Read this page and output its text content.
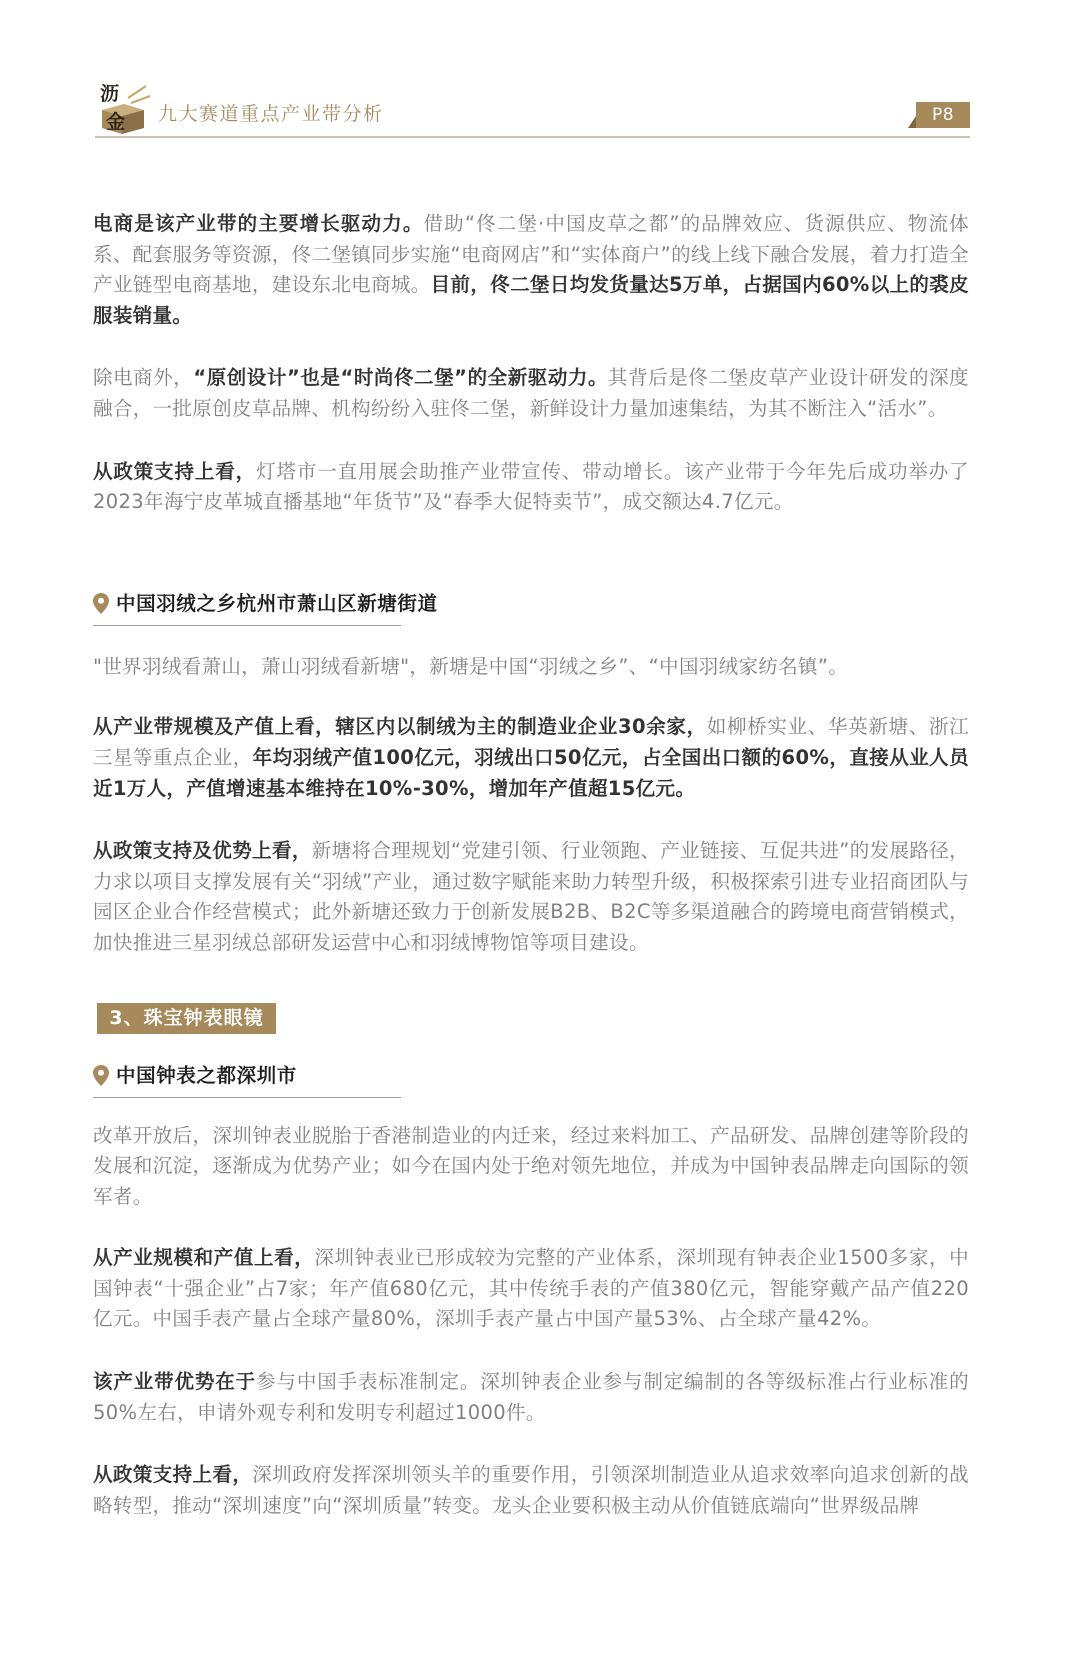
沥
金 九大赛道重点产业带分析	P8

电商是该产业带的主要增长驱动力。借助“佟二堡·中国皮草之都”的品牌效应、货源供应、物流体系、配套服务等资源，佟二堡镇同步实施“电商网店”和“实体商户”的线上线下融合发展，着力打造全产业链型电商基地，建设东北电商城。目前，佟二堡日均发货量达5万单，占据国内60%以上的裘皮服装销量。

除电商外，“原创设计”也是“时尚佟二堡”的全新驱动力。其背后是佟二堡皮草产业设计研发的深度融合，一批原创皮草品牌、机构纷纷入驻佟二堡，新鲜设计力量加速集结，为其不断注入“活水”。

从政策支持上看，灯塔市一直用展会助推产业带宣传、带动增长。该产业带于今年先后成功举办了2023年海宁皮革城直播基地“年货节”及“春季大促特卖节”，成交额达4.7亿元。

中国羽绒之乡杭州市萧山区新塘街道

"世界羽绒看萧山，萧山羽绒看新塘"，新塘是中国“羽绒之乡”、“中国羽绒家纺名镇”。

从产业带规模及产值上看，辖区内以制绒为主的制造业企业30余家，如柳桥实业、华英新塘、浙江三星等重点企业，年均羽绒产值100亿元，羽绒出口50亿元，占全国出口额的60%，直接从业人员近1万人，产值增速基本维持在10%-30%，增加年产值超15亿元。

从政策支持及优势上看，新塘将合理规划“党建引领、行业领跑、产业链接、互促共进”的发展路径，力求以项目支撑发展有关“羽绒”产业，通过数字赋能来助力转型升级，积极探索引进专业招商团队与园区企业合作经营模式；此外新塘还致力于创新发展B2B、B2C等多渠道融合的跨境电商营销模式，加快推进三星羽绒总部研发运营中心和羽绒博物馆等项目建设。

3、珠宝钟表眼镜
中国钟表之都深圳市

改革开放后，深圳钟表业脱胎于香港制造业的内迁来，经过来料加工、产品研发、品牌创建等阶段的发展和沉淀，逐渐成为优势产业；如今在国内处于绝对领先地位，并成为中国钟表品牌走向国际的领军者。

从产业规模和产值上看，深圳钟表业已形成较为完整的产业体系，深圳现有钟表企业1500多家，中国钟表“十强企业”占7家；年产值680亿元，其中传统手表的产值380亿元，智能穿戴产品产值220亿元。中国手表产量占全球产量80%，深圳手表产量占中国产量53%、占全球产量42%。

该产业带优势在于参与中国手表标准制定。深圳钟表企业参与制定编制的各等级标准占行业标准的50%左右，申请外观专利和发明专利超过1000件。

从政策支持上看，深圳政府发挥深圳领头羊的重要作用，引领深圳制造业从追求效率向追求创新的战略转型，推动“深圳速度”向“深圳质量”转变。龙头企业要积极主动从价值链底端向“世界级品牌
